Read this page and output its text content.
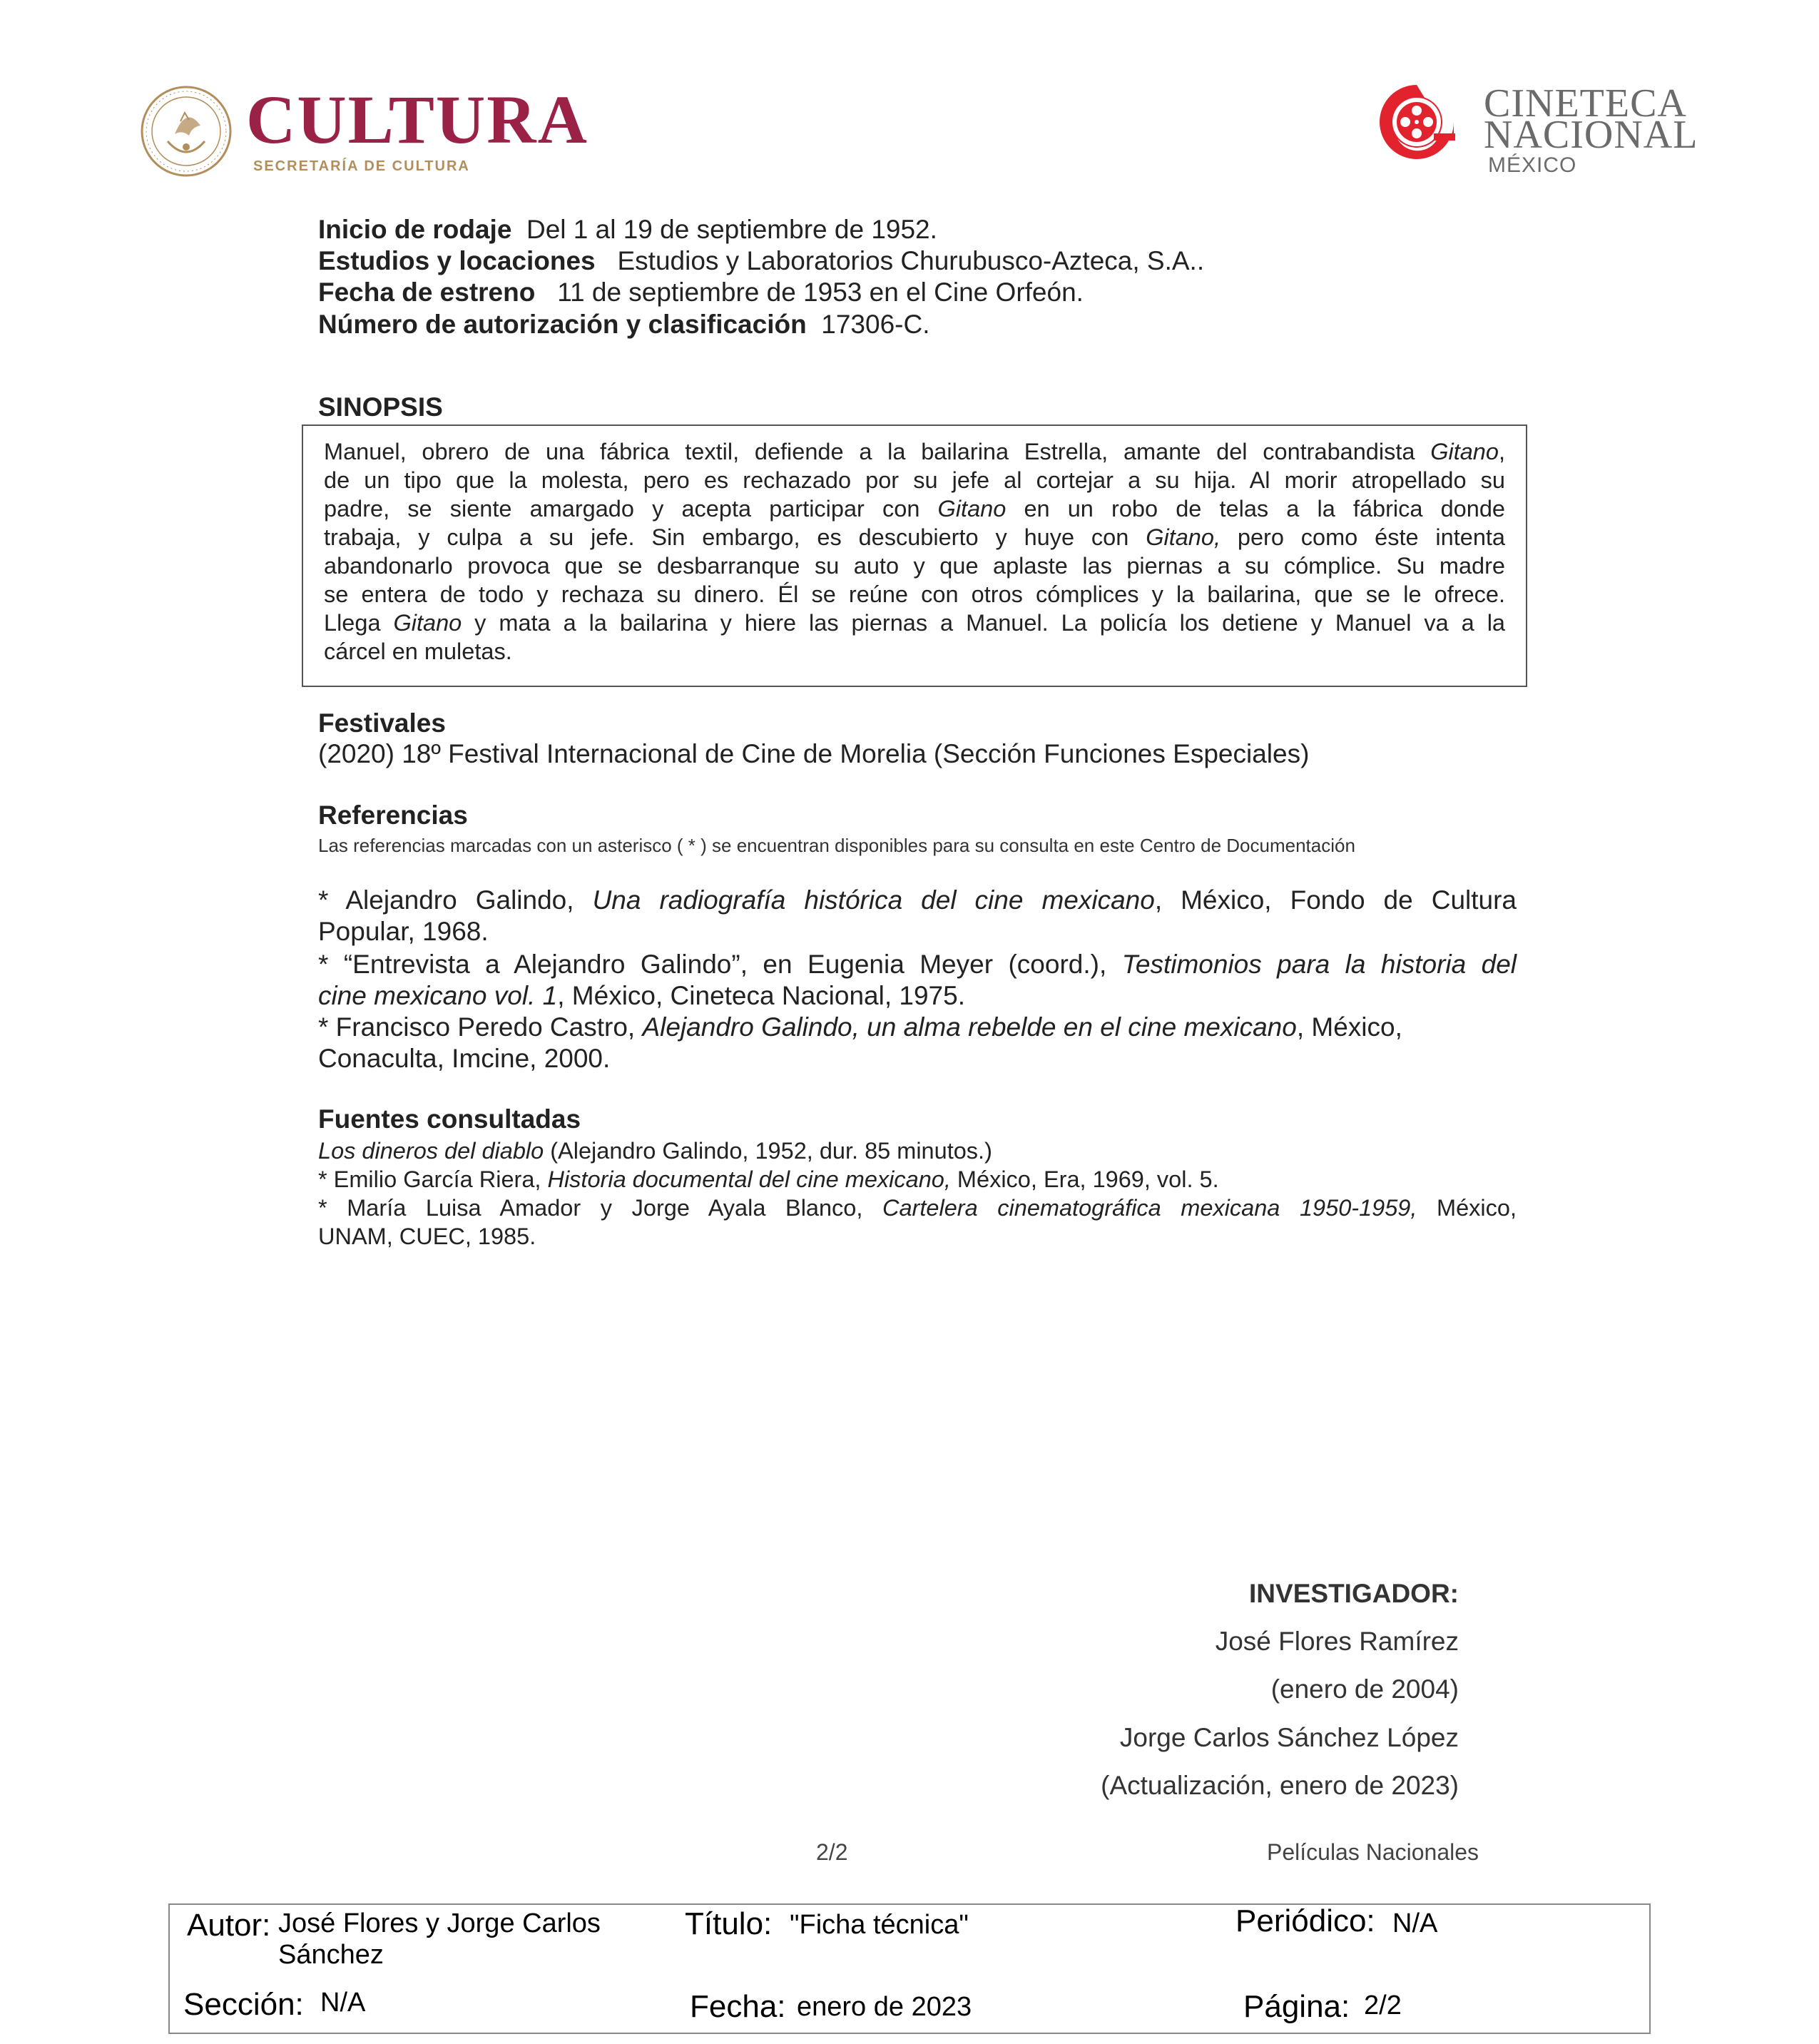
CULTURA
SECRETARÍA DE CULTURA
CINETECA
NACIONAL
MÉXICO
Inicio de rodaje Del 1 al 19 de septiembre de 1952.
Estudios y locaciones Estudios y Laboratorios Churubusco-Azteca, S.A..
Fecha de estreno 11 de septiembre de 1953 en el Cine Orfeón.
Número de autorización y clasificación 17306-C.
SINOPSIS
Manuel, obrero de una fábrica textil, defiende a la bailarina Estrella, amante del contrabandista Gitano,
de un tipo que la molesta, pero es rechazado por su jefe al cortejar a su hija. Al morir atropellado su
padre, se siente amargado y acepta participar con Gitano en un robo de telas a la fábrica donde
trabaja, y culpa a su jefe. Sin embargo, es descubierto y huye con Gitano, pero como éste intenta
abandonarlo provoca que se desbarranque su auto y que aplaste las piernas a su cómplice. Su madre
se entera de todo y rechaza su dinero. Él se reúne con otros cómplices y la bailarina, que se le ofrece.
Llega Gitano y mata a la bailarina y hiere las piernas a Manuel. La policía los detiene y Manuel va a la
cárcel en muletas.
Festivales
(2020) 18º Festival Internacional de Cine de Morelia (Sección Funciones Especiales)
Referencias
Las referencias marcadas con un asterisco ( * ) se encuentran disponibles para su consulta en este Centro de Documentación
* Alejandro Galindo, Una radiografía histórica del cine mexicano, México, Fondo de Cultura
Popular, 1968.
* “Entrevista a Alejandro Galindo”, en Eugenia Meyer (coord.), Testimonios para la historia del
cine mexicano vol. 1, México, Cineteca Nacional, 1975.
* Francisco Peredo Castro, Alejandro Galindo, un alma rebelde en el cine mexicano, México,
Conaculta, Imcine, 2000.
Fuentes consultadas
Los dineros del diablo (Alejandro Galindo, 1952, dur. 85 minutos.)
* Emilio García Riera, Historia documental del cine mexicano, México, Era, 1969, vol. 5.
* María Luisa Amador y Jorge Ayala Blanco, Cartelera cinematográfica mexicana 1950-1959, México,
UNAM, CUEC, 1985.
INVESTIGADOR:
José Flores Ramírez
(enero de 2004)
Jorge Carlos Sánchez López
(Actualización, enero de 2023)
2/2	Películas Nacionales
Autor: José Flores y Jorge Carlos
Sánchez
Título: "Ficha técnica"	Periódico: N/A
Sección: N/A	Fecha: enero de 2023	Página: 2/2
